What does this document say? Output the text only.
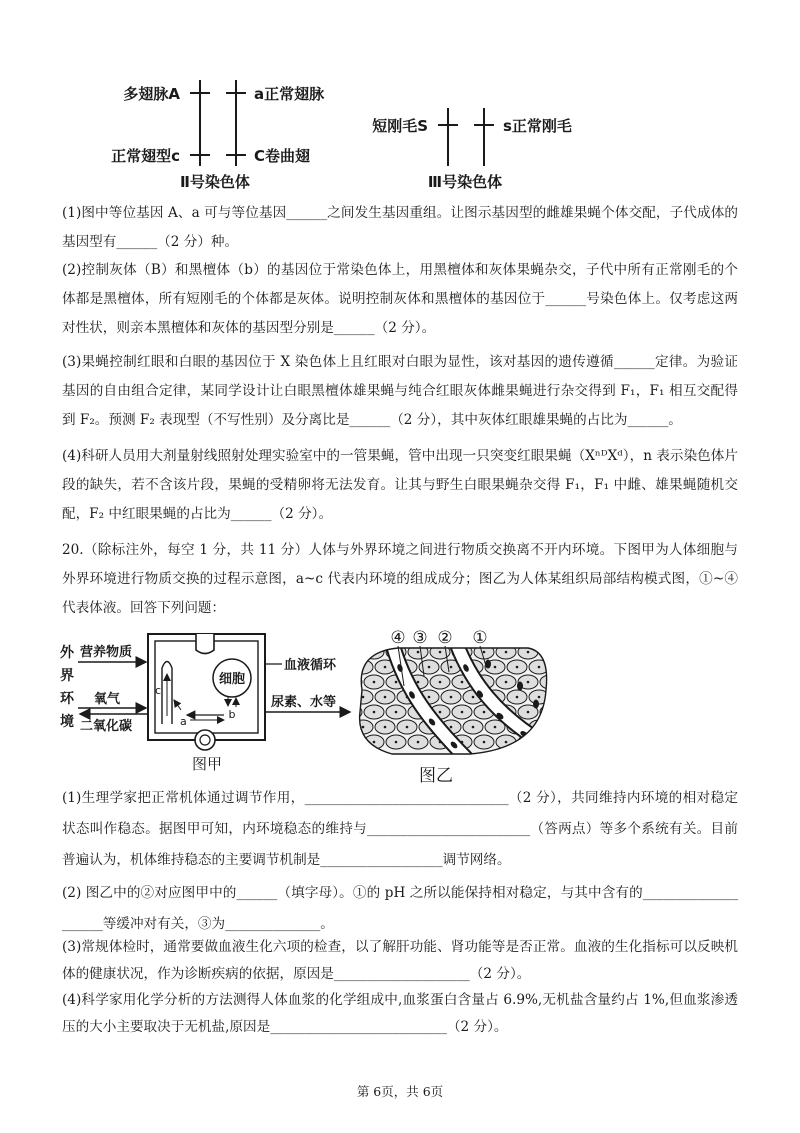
多翅脉A
正常翅型c
a正常翅脉
C卷曲翅
Ⅱ号染色体
短刚毛S	s正常刚毛
Ⅲ号染色体

(1)图中等位基因 A、a 可与等位基因______之间发生基因重组。让图示基因型的雌雄果蝇个体交配，子代成体的基因型有______（2 分）种。

(2)控制灰体（B）和黑檀体（b）的基因位于常染色体上，用黑檀体和灰体果蝇杂交，子代中所有正常刚毛的个体都是黑檀体，所有短刚毛的个体都是灰体。说明控制灰体和黑檀体的基因位于______号染色体上。仅考虑这两对性状，则亲本黑檀体和灰体的基因型分别是______（2 分）。

(3)果蝇控制红眼和白眼的基因位于 X 染色体上且红眼对白眼为显性，该对基因的遗传遵循______定律。为验证基因的自由组合定律，某同学设计让白眼黑檀体雄果蝇与纯合红眼灰体雌果蝇进行杂交得到 F₁，F₁ 相互交配得到 F₂。预测 F₂ 表现型（不写性别）及分离比是______（2 分），其中灰体红眼雄果蝇的占比为______。

(4)科研人员用大剂量射线照射处理实验室中的一管果蝇，管中出现一只突变红眼果蝇（XⁿᴰXᵈ），n 表示染色体片段的缺失，若不含该片段，果蝇的受精卵将无法发育。让其与野生白眼果蝇杂交得 F₁，F₁ 中雌、雄果蝇随机交配，F₂ 中红眼果蝇的占比为______（2 分）。

20.（除标注外，每空 1 分，共 11 分）人体与外界环境之间进行物质交换离不开内环境。下图甲为人体细胞与外界环境进行物质交换的过程示意图，a~c 代表内环境的组成成分；图乙为人体某组织局部结构模式图，①~④代表体液。回答下列问题：

外
界
环
境
营养物质
氧气
二氧化碳
c
细胞
b
a
血液循环
尿素、水等
图甲
④ ③ ② ①
图乙

(1)生理学家把正常机体通过调节作用，______________________________（2 分），共同维持内环境的相对稳定状态叫作稳态。据图甲可知，内环境稳态的维持与________________________（答两点）等多个系统有关。目前普遍认为，机体维持稳态的主要调节机制是__________________调节网络。

(2) 图乙中的②对应图甲中的______（填字母）。①的 pH 之所以能保持相对稳定，与其中含有的____________________等缓冲对有关，③为______________。

(3)常规体检时，通常要做血液生化六项的检查，以了解肝功能、肾功能等是否正常。血液的生化指标可以反映机体的健康状况，作为诊断疾病的依据，原因是____________________（2 分）。

(4)科学家用化学分析的方法测得人体血浆的化学组成中,血浆蛋白含量占 6.9%,无机盐含量约占 1%,但血浆渗透压的大小主要取决于无机盐,原因是__________________________（2 分）。

第 6页，共 6页
